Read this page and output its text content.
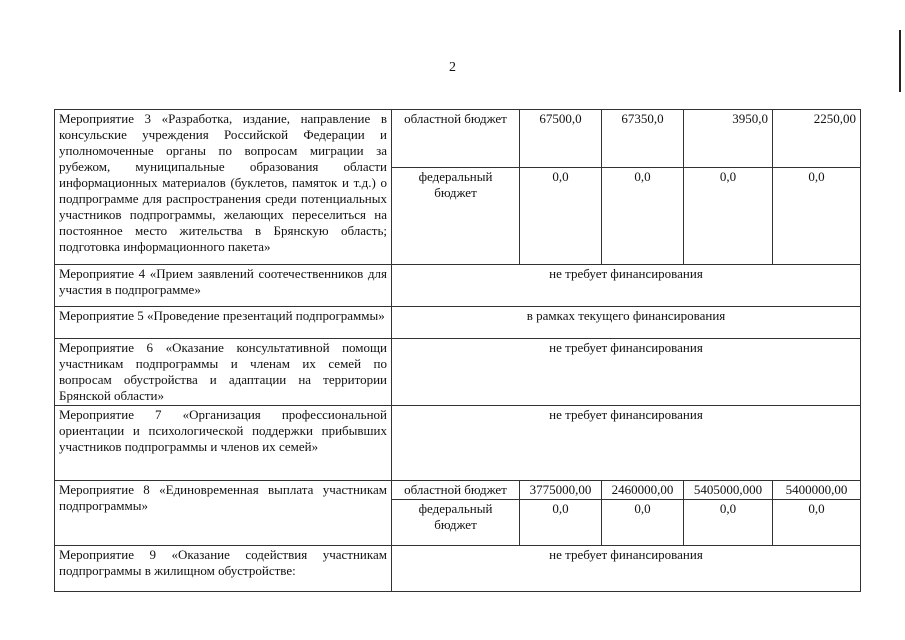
2
Мероприятие 3 «Разработка, издание, направление в консульские учреждения Российской Федерации и уполномоченные органы по вопросам миграции за рубежом, муниципальные образования области информационных материалов (буклетов, памяток и т.д.) о подпрограмме для распространения среди потенциальных участников подпрограммы, желающих переселиться на постоянное место жительства в Брянскую область; подготовка информационного пакета»	областной бюджет	67500,0	67350,0	3950,0	2250,00
	федеральный бюджет	0,0	0,0	0,0	0,0
Мероприятие 4 «Прием заявлений соотечественников для участия в подпрограмме»	не требует финансирования				
Мероприятие 5 «Проведение презентаций подпрограммы»	в рамках текущего финансирования				
Мероприятие 6 «Оказание консультативной помощи участникам подпрограммы и членам их семей по вопросам обустройства и адаптации на территории Брянской области»	не требует финансирования				
Мероприятие 7 «Организация профессиональной ориентации и психологической поддержки прибывших участников подпрограммы и членов их семей»	не требует финансирования				
Мероприятие 8 «Единовременная выплата участникам подпрограммы»	областной бюджет	3775000,00	2460000,00	5405000,000	5400000,00
	федеральный бюджет	0,0	0,0	0,0	0,0
Мероприятие 9 «Оказание содействия участникам подпрограммы в жилищном обустройстве:	не требует финансирования				
